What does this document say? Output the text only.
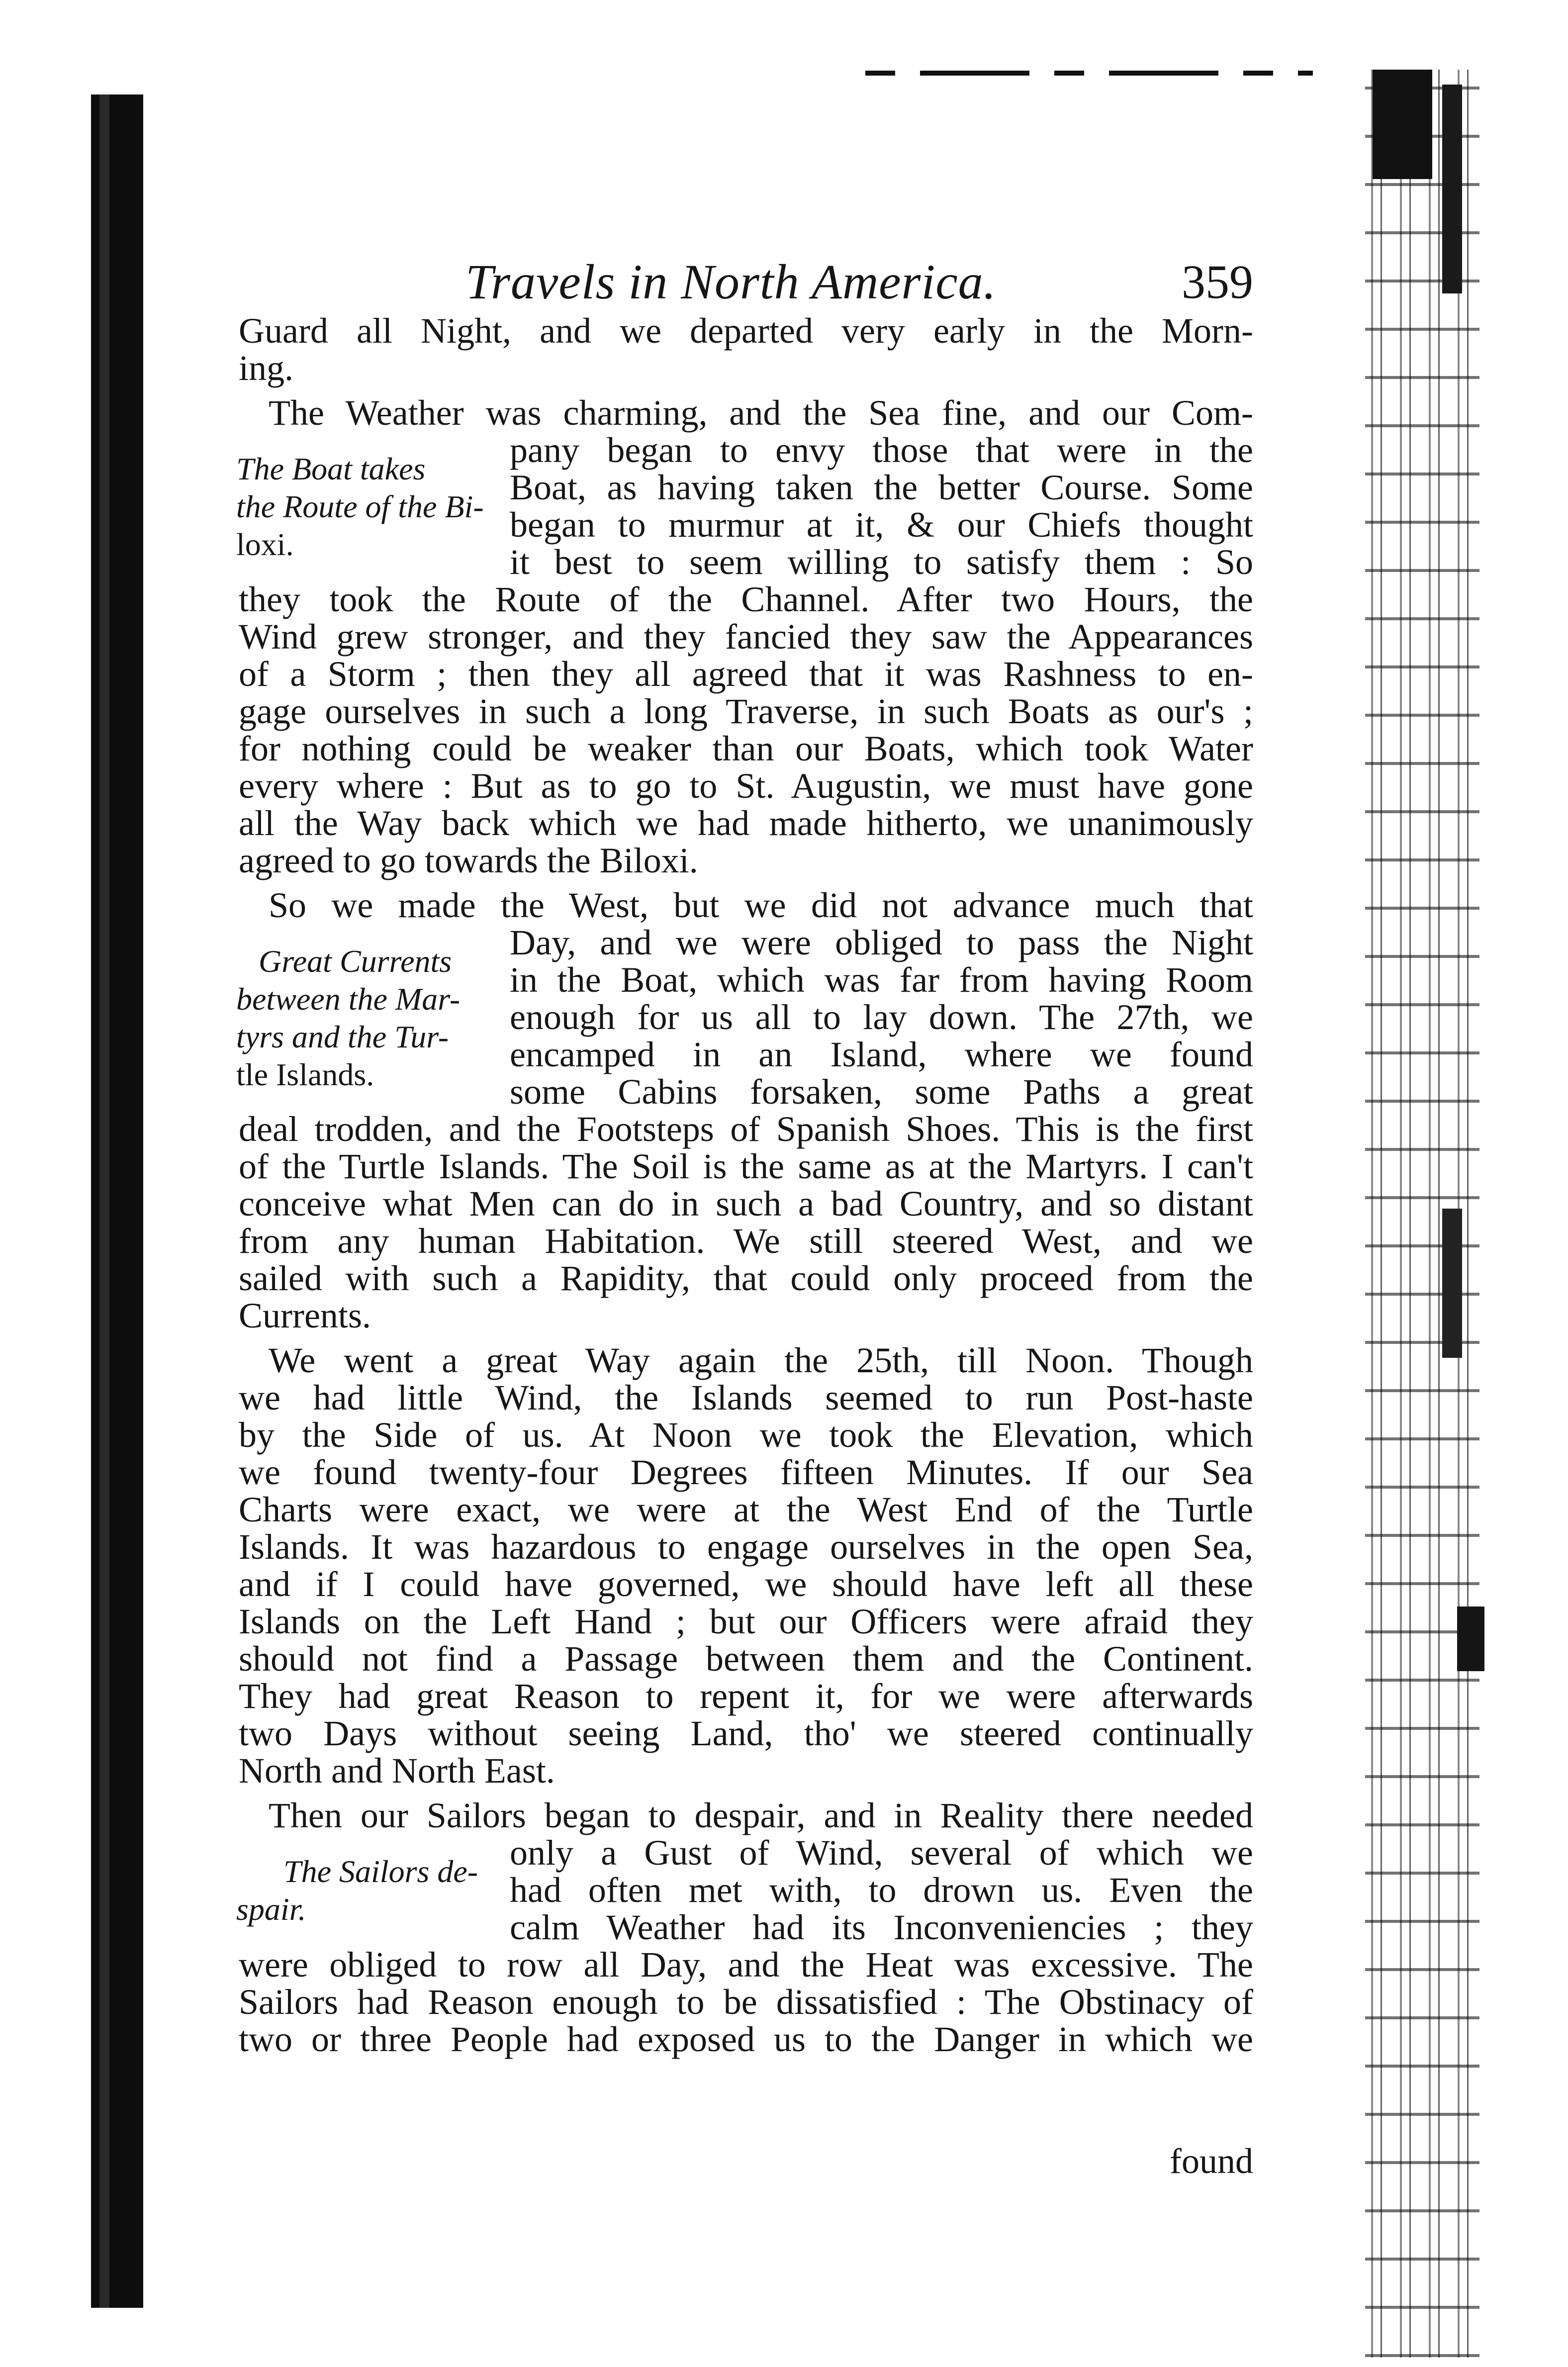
Travels in North America.	359
Guard all Night, and we departed very early in the Morn-
ing.
The Weather was charming, and the Sea fine, and our Com-
pany began to envy those that were in the
Boat, as having taken the better Course. Some
began to murmur at it, & our Chiefs thought
it best to seem willing to satisfy them : So
they took the Route of the Channel. After two Hours, the
Wind grew stronger, and they fancied they saw the Appearances
of a Storm ; then they all agreed that it was Rashness to en-
gage ourselves in such a long Traverse, in such Boats as our's ;
for nothing could be weaker than our Boats, which took Water
every where : But as to go to St. Augustin, we must have gone
all the Way back which we had made hitherto, we unanimously
agreed to go towards the Biloxi.
So we made the West, but we did not advance much that
Day, and we were obliged to pass the Night
in the Boat, which was far from having Room
enough for us all to lay down. The 27th, we
encamped in an Island, where we found
some Cabins forsaken, some Paths a great
deal trodden, and the Footsteps of Spanish Shoes. This is the first
of the Turtle Islands. The Soil is the same as at the Martyrs. I can't
conceive what Men can do in such a bad Country, and so distant
from any human Habitation. We still steered West, and we
sailed with such a Rapidity, that could only proceed from the
Currents.
We went a great Way again the 25th, till Noon. Though
we had little Wind, the Islands seemed to run Post-haste
by the Side of us. At Noon we took the Elevation, which
we found twenty-four Degrees fifteen Minutes. If our Sea
Charts were exact, we were at the West End of the Turtle
Islands. It was hazardous to engage ourselves in the open Sea,
and if I could have governed, we should have left all these
Islands on the Left Hand ; but our Officers were afraid they
should not find a Passage between them and the Continent.
They had great Reason to repent it, for we were afterwards
two Days without seeing Land, tho' we steered continually
North and North East.
Then our Sailors began to despair, and in Reality there needed
only a Gust of Wind, several of which we
had often met with, to drown us. Even the
calm Weather had its Inconveniencies ; they
were obliged to row all Day, and the Heat was excessive. The
Sailors had Reason enough to be dissatisfied : The Obstinacy of
two or three People had exposed us to the Danger in which we
The Boat takes
the Route of the Bi-
loxi.
Great Currents
between the Mar-
tyrs and the Tur-
tle Islands.
The Sailors de-
spair.
found
